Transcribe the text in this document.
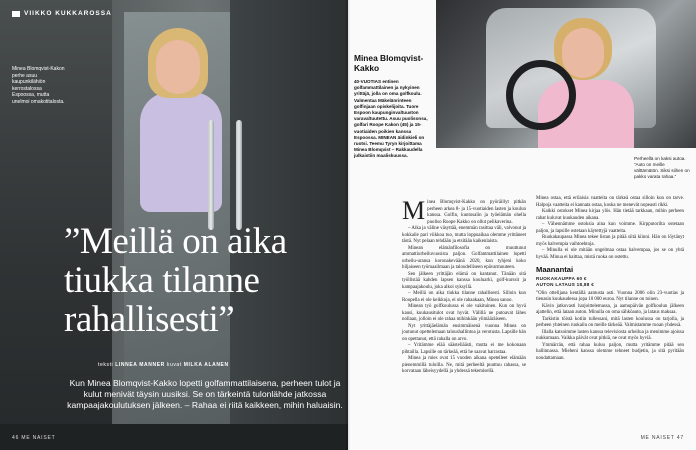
VIIKKO KUKKAROSSA
Minea Blomqvist-Kakon perhe asuu kaupunkilähiön kerrostalossa Espoossa, mutta unelmoi omakotitalosta.
”Meillä on aika tiukka tilanne rahallisesti”
teksti LINNEA MANNER kuvat MILKA ALANEN
Kun Minea Blomqvist-Kakko lopetti golfammattilaisena, perheen tulot ja kulut menivät täysin uusiksi. Se on tärkeintä tulonlähde jatkossa kampaajakoulutuksen jälkeen. – Rahaa ei riitä kaikkeen, mihin haluaisin.
46 ME NAISET
Minea Blomqvist-Kakko
40-VUOTIAS entinen golfammattilainen ja nykyinen yrittäjä, jolla on oma golfkoulu. Valmentaa Mäkelänrinteen golfinjaan opiskelijoita. Tuore Espoon kaupunginvaltuuston varavaltuutettu. Asuu puolisonsa, golfari Roope Kakon (45) ja 15-vuotiaiden poikien kanssa Espoossa. MINEAN äidinkieli on ruotsi. Teemu Tyryn kirjoittama Minea Blomqvist – Rakkaudella julkaistiin maaliskuussa.
Perheellä on kaksi autoa. ”Auto on meille välttämätön. Siksi siihen on pakko varata rahaa.”

Minea Blomqvist-Kakko on pyöräillyt pitkän perheen arkea 8- ja 15-vuotiaiden lasten ja koulun kanssa. Golfin, kuntosalin ja työelämän ohella puoliso Roope Kakko on ollut pelikaverina.

– Aika ja väline väsyttää, enemmän rasittaa väli, valvonut ja kokkaile pari viikkoa tuo, mutta loppuaikaa olemme yrittäneet tästä. Nyt pelaan tehdään ja etsitään kaikenlaista.

Minean elämänfilosofia on muuttunut ammattiurheiluvuosista paljon. Golfammattilainen lopetti urheilu-uransa koronakeväänä 2020, kun tyhjeni koko hiljaiseen työmaailmaan ja taloudelliseen epävarmuuteen.

Sen jälkeen yrittäjän elämä on kantanut. Tänään sitä työllistää kahden lapsen kanssa kouluarki, golf-kurssit ja kampaajakoulu, joka alkoi syksyllä.

– Meillä on aika tiukka tilanne rahallisesti. Silloin kun Roopella ei ole keikkoja, ei ole rahaakaan, Minea sanoo.

Minean työ golfkoulussa ei ole vakituinen. Kun on hyvä kausi, kuukausitulot ovat hyvät. Välillä ne putoavat lähes nollaan, jolloin ei ole rahaa mihinkään ylimääräiseen.

Nyt yrittäjäelämän ensimmäisenä vuonna Minea on joutunut opettelemaan taloushallintoa ja verotusta. Lapsille hän on opettanut, että rahalla on arvo.

– Yritämme elää säästeliäästi, mutta ei me kokonaan pihtailla. Lapsille on tärkeää, että he saavat harrastaa.

Minea ja mies ovat 15 vuoden aikana opetelleet elämään pienemmillä tuloilla. Ne, mitä perheeltä puuttuu rahassa, se korvataan läheisyydellä ja yhdessä tekemisellä.

Minea ostaa, että erilaisia vaatteita on tärkeä ostaa silloin kun on tarve. Halpoja vaatteita ei kannata ostaa, koska ne menevät nopeasti rikki.

Kaikki ostokset Minea kirjaa ylös. Hän tietää tarkkaan, mihin perheen rahat kuluvat kuukauden aikana.

– Vähennämme ostoksia aina kun voimme. Kirpputorilta ostetaan paljon, ja lapsille ostetaan käytettyjä vaatteita.

Ruokakaupassa Minea tekee listan ja pitää siitä kiinni. Hän on löytänyt myös halvempia vaihtoehtoja.

– Minulla ei ole mitään ongelmaa ostaa halvempaa, jos se on yhtä hyvää. Minua ei haittaa, mistä ruoka on ostettu.

Maanantai
RUOKAKAUPPA 60 €
AUTON LATAUS 18,88 €

”Olin ottelijana kentällä aamusta asti. Vuonna 2006 olin 23-vuotias ja tienasin kuukaudessa jopa 10 000 euroa. Nyt tilanne on toinen.

Kävin jatkuvasti harjoittelemassa, ja aamupäivän golfkoulun jälkeen ajattelin, että lataan auton. Minulla on oma sähköauto, ja lataus maksaa.

Tarkistin töistä kotiin tullessani, mitä lasten koulussa on tarjolla, ja perheen yhteinen ruokailu on meille tärkeää. Valmistamme ruoan yhdessä.

Illalla katsoimme lasten kanssa televisiosta urheilua ja menimme ajoissa nukkumaan. Vaikka päivät ovat pitkiä, ne ovat myös hyviä.

Ymmärrän, että rahaa kuluu paljon, mutta yritämme pitää sen hallinnassa. Mieheni kanssa olemme tehneet budjetin, ja sitä pyritään noudattamaan.

ME NAISET 47
